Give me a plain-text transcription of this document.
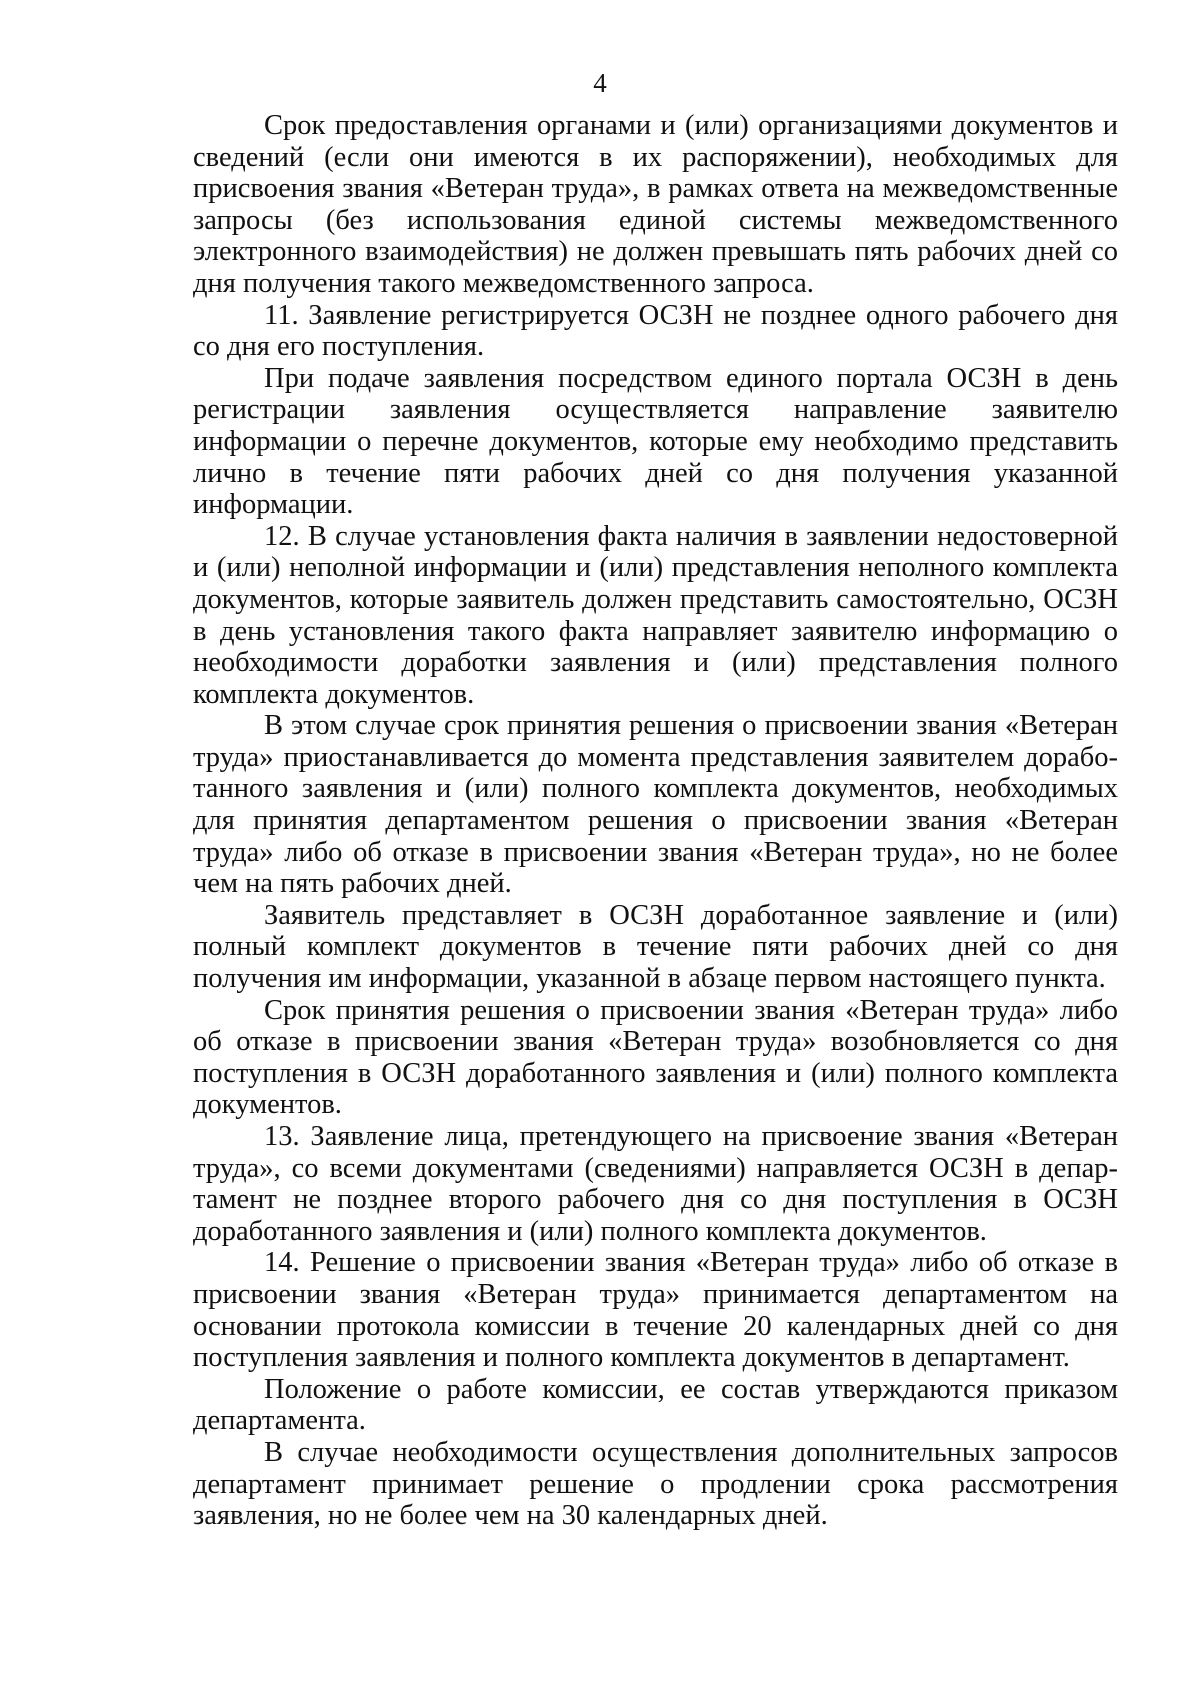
4

Срок предоставления органами и (или) организациями документов и сведений (если они имеются в их распоряжении), необходимых для присвоения звания «Ветеран труда», в рамках ответа на межведомственные запросы (без использования единой системы межведомственного электронного взаимодействия) не должен превышать пять рабочих дней со дня получения такого межведомственного запроса.

11. Заявление регистрируется ОСЗН не позднее одного рабочего дня со дня его поступления.

При подаче заявления посредством единого портала ОСЗН в день регистрации заявления осуществляется направление заявителю информации о перечне документов, которые ему необходимо представить лично в течение пяти рабочих дней со дня получения указанной информации.

12. В случае установления факта наличия в заявлении недостоверной и (или) неполной информации и (или) представления неполного комплекта документов, которые заявитель должен представить самостоятельно, ОСЗН в день установления такого факта направляет заявителю информацию о необходимости доработки заявления и (или) представления полного комплекта документов.

В этом случае срок принятия решения о присвоении звания «Ветеран труда» приостанавливается до момента представления заявителем доработанного заявления и (или) полного комплекта документов, необходимых для принятия департаментом решения о присвоении звания «Ветеран труда» либо об отказе в присвоении звания «Ветеран труда», но не более чем на пять рабочих дней.

Заявитель представляет в ОСЗН доработанное заявление и (или) полный комплект документов в течение пяти рабочих дней со дня получения им информации, указанной в абзаце первом настоящего пункта.

Срок принятия решения о присвоении звания «Ветеран труда» либо об отказе в присвоении звания «Ветеран труда» возобновляется со дня поступления в ОСЗН доработанного заявления и (или) полного комплекта документов.

13. Заявление лица, претендующего на присвоение звания «Ветеран труда», со всеми документами (сведениями) направляется ОСЗН в департамент не позднее второго рабочего дня со дня поступления в ОСЗН доработанного заявления и (или) полного комплекта документов.

14. Решение о присвоении звания «Ветеран труда» либо об отказе в присвоении звания «Ветеран труда» принимается департаментом на основании протокола комиссии в течение 20 календарных дней со дня поступления заявления и полного комплекта документов в департамент.

Положение о работе комиссии, ее состав утверждаются приказом департамента.

В случае необходимости осуществления дополнительных запросов департамент принимает решение о продлении срока рассмотрения заявления, но не более чем на 30 календарных дней.
